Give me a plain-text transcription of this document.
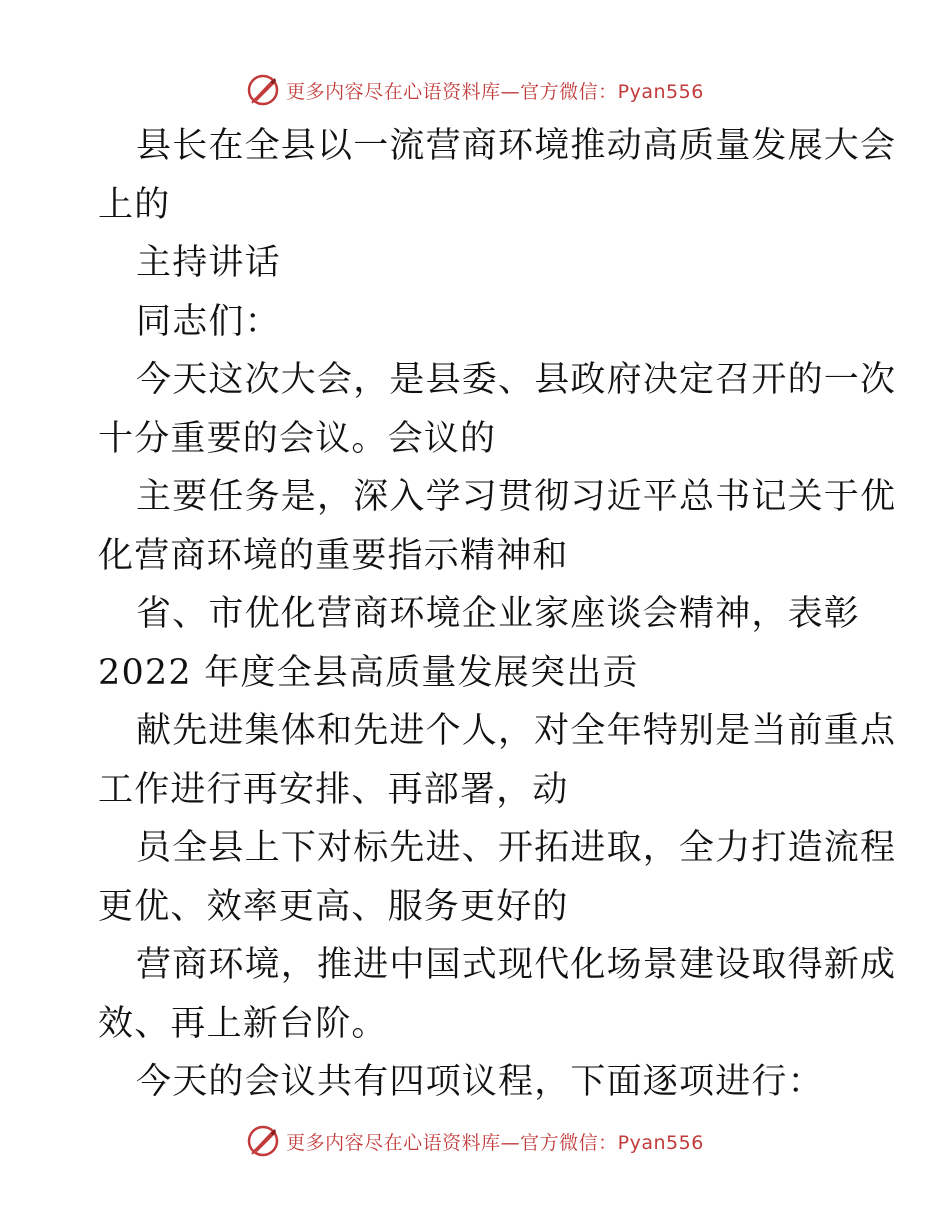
更多内容尽在心语资料库—官方微信：Pyan556
县长在全县以一流营商环境推动高质量发展大会
上的
主持讲话
同志们：
今天这次大会，是县委、县政府决定召开的一次
十分重要的会议。会议的
主要任务是，深入学习贯彻习近平总书记关于优
化营商环境的重要指示精神和
省、市优化营商环境企业家座谈会精神，表彰
2022 年度全县高质量发展突出贡
献先进集体和先进个人，对全年特别是当前重点
工作进行再安排、再部署，动
员全县上下对标先进、开拓进取，全力打造流程
更优、效率更高、服务更好的
营商环境，推进中国式现代化场景建设取得新成
效、再上新台阶。
今天的会议共有四项议程，下面逐项进行：
更多内容尽在心语资料库—官方微信：Pyan556
